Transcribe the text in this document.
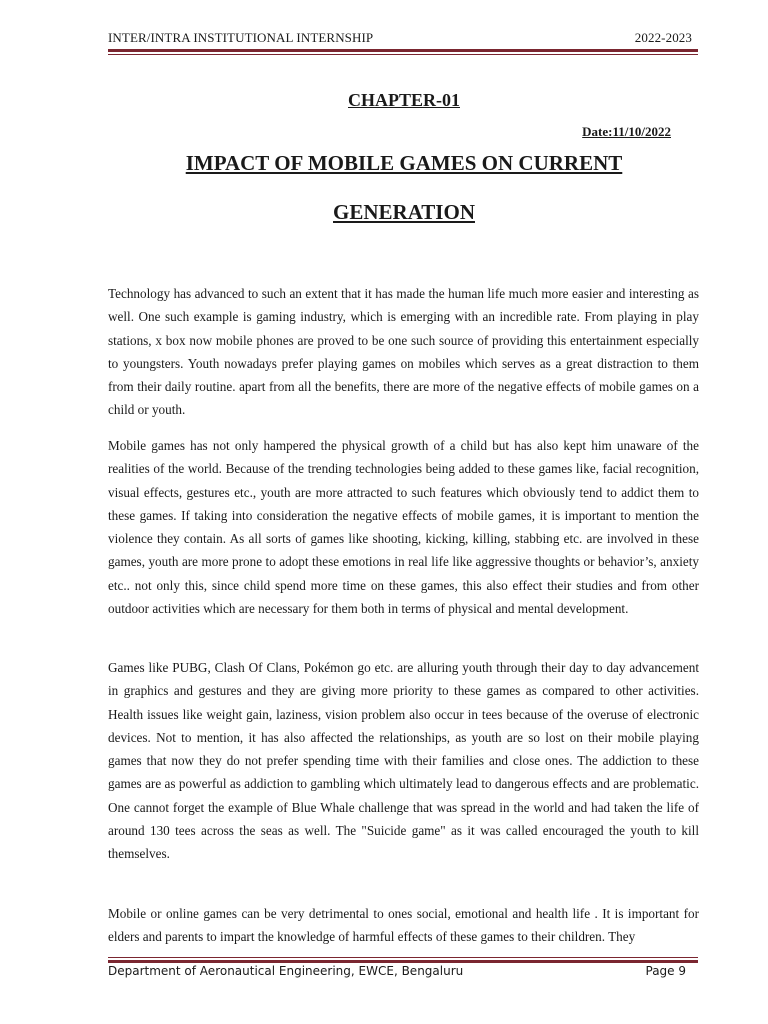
INTER/INTRA INSTITUTIONAL INTERNSHIP	2022-2023
CHAPTER-01
Date:11/10/2022
IMPACT OF MOBILE GAMES ON CURRENT
GENERATION

Technology has advanced to such an extent that it has made the human life much more easier and interesting as well. One such example is gaming industry, which is emerging with an incredible rate. From playing in play stations, x box now mobile phones are proved to be one such source of providing this entertainment especially to youngsters. Youth nowadays prefer playing games on mobiles which serves as a great distraction to them from their daily routine. apart from all the benefits, there are more of the negative effects of mobile games on a child or youth.

Mobile games has not only hampered the physical growth of a child but has also kept him unaware of the realities of the world. Because of the trending technologies being added to these games like, facial recognition, visual effects, gestures etc., youth are more attracted to such features which obviously tend to addict them to these games. If taking into consideration the negative effects of mobile games, it is important to mention the violence they contain. As all sorts of games like shooting, kicking, killing, stabbing etc. are involved in these games, youth are more prone to adopt these emotions in real life like aggressive thoughts or behavior’s, anxiety etc.. not only this, since child spend more time on these games, this also effect their studies and from other outdoor activities which are necessary for them both in terms of physical and mental development.

Games like PUBG, Clash Of Clans, Pokémon go etc. are alluring youth through their day to day advancement in graphics and gestures and they are giving more priority to these games as compared to other activities. Health issues like weight gain, laziness, vision problem also occur in tees because of the overuse of electronic devices. Not to mention, it has also affected the relationships, as youth are so lost on their mobile playing games that now they do not prefer spending time with their families and close ones. The addiction to these games are as powerful as addiction to gambling which ultimately lead to dangerous effects and are problematic. One cannot forget the example of Blue Whale challenge that was spread in the world and had taken the life of around 130 tees across the seas as well. The "Suicide game" as it was called encouraged the youth to kill themselves.

Mobile or online games can be very detrimental to ones social, emotional and health life . It is important for elders and parents to impart the knowledge of harmful effects of these games to their children. They

Department of Aeronautical Engineering, EWCE, Bengaluru	Page 9
